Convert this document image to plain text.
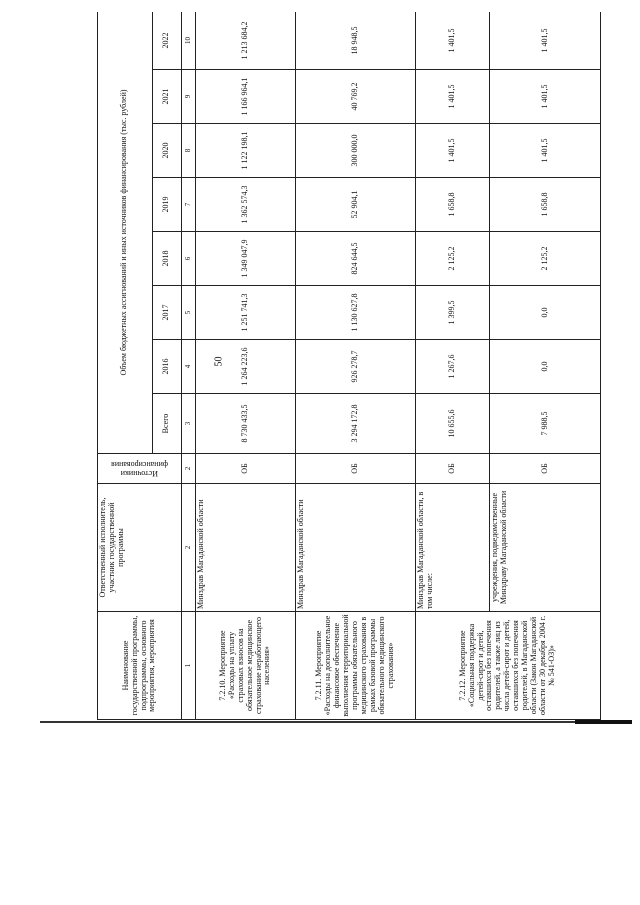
50
Наименование государственной программы, подпрограммы, основного мероприятия, мероприятия	Ответственный исполнитель, участник государственной программы	Источники финансирования	Объем бюджетных ассигнований и иных источников финансирования (тыс. рублей)							
			Всего	2016	2017	2018	2019	2020	2021	2022
1	2	2	3	4	5	6	7	8	9	10
7.2.10. Мероприятие «Расходы на уплату страховых взносов на обязательное медицинское страхование неработающего населения»	Минздрав Магаданской области	ОБ	8 730 433,5	1 264 223,6	1 251 741,3	1 349 047,9	1 362 574,3	1 122 198,1	1 166 964,1	1 213 684,2
7.2.11. Мероприятие «Расходы на дополнительное финансовое обеспечение выполнения территориальной программы обязательного медицинского страхования в рамках базовой программы обязательного медицинского страхования»	Минздрав Магаданской области	ОБ	3 294 172,8	926 278,7	1 130 627,8	824 644,5	52 904,1	300 000,0	40 769,2	18 948,5
7.2.12. Мероприятие «Социальная поддержка детей-сирот и детей, оставшихся без попечения родителей, а также лиц из числа детей-сирот и детей, оставшихся без попечения родителей, в Магаданской области (Закон Магаданской области от 30 декабря 2004 г. № 541-ОЗ)»	Минздрав Магаданской области, в том числе:	ОБ	10 655,6	1 267,6	1 399,5	2 125,2	1 658,8	1 401,5	1 401,5	1 401,5
	учреждения, подведомственные Минздраву Магаданской области	ОБ	7 988,5	0,0	0,0	2 125,2	1 658,8	1 401,5	1 401,5	1 401,5
